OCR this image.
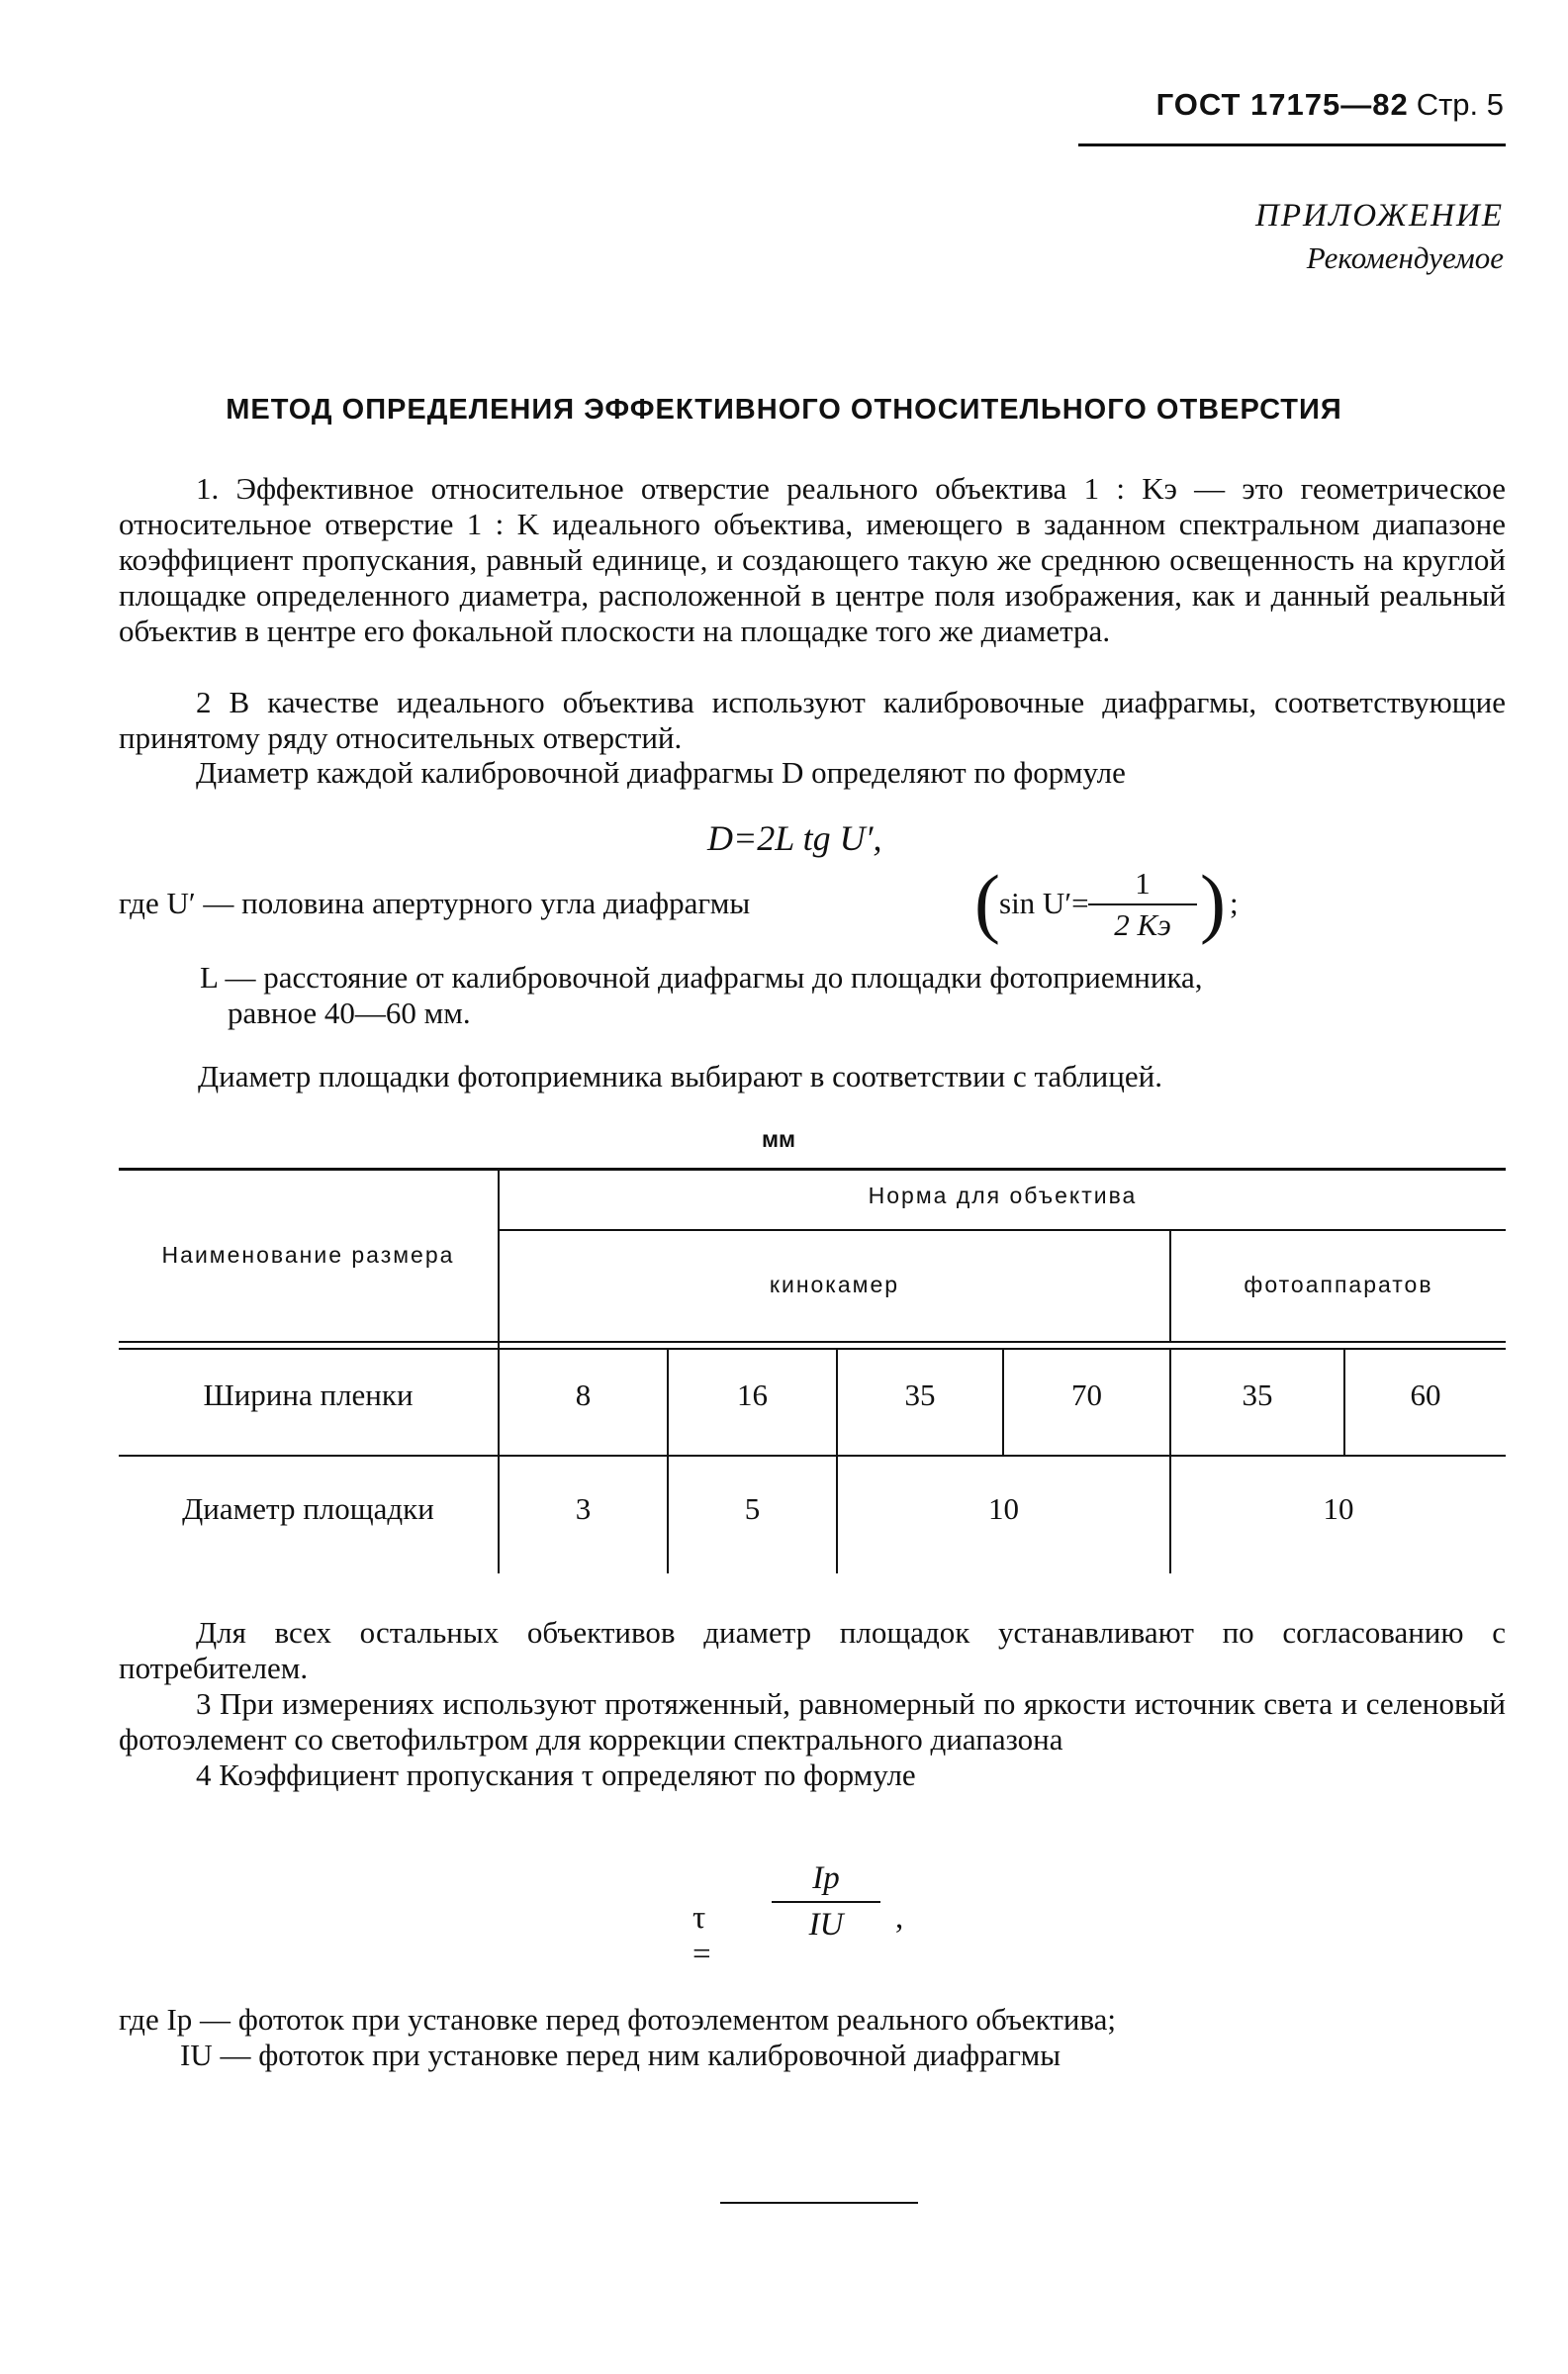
ГОСТ 17175—82 Стр. 5
ПРИЛОЖЕНИЕ
Рекомендуемое
МЕТОД ОПРЕДЕЛЕНИЯ ЭФФЕКТИВНОГО ОТНОСИТЕЛЬНОГО ОТВЕРСТИЯ

1. Эффективное относительное отверстие реального объектива 1 : Kэ — это геометрическое относительное отверстие 1 : K идеального объектива, имеющего в заданном спектральном диапазоне коэффициент пропускания, равный единице, и создающего такую же среднюю освещенность на круглой площадке определенного диаметра, расположенной в центре поля изображения, как и данный реальный объектив в центре его фокальной плоскости на площадке того же диаметра.

2 В качестве идеального объектива используют калибровочные диафрагмы, соответствующие принятому ряду относительных отверстий.

Диаметр каждой калибровочной диафрагмы D определяют по формуле

D=2L tg U′,
где U′ — половина апертурного угла диафрагмы	( sin U′=
1
2 Kэ ) ;
L — расстояние от калибровочной диафрагмы до площадки фотоприемника,
равное 40—60 мм.
Диаметр площадки фотоприемника выбирают в соответствии с таблицей.
мм
Наименование размера
Норма для объектива
кинокамер	фотоаппаратов
Ширина пленки	8	16	35	70	35	60
Диаметр площадки	3	5	10	10

Для всех остальных объективов диаметр площадок устанавливают по согласованию с потребителем.

3 При измерениях используют протяженный, равномерный по яркости источник света и селеновый фотоэлемент со светофильтром для коррекции спектрального диапазона

4 Коэффициент пропускания τ определяют по формуле

τ =
Iр
IU	,
где Iр — фототок при установке перед фотоэлементом реального объектива;
IU — фототок при установке перед ним калибровочной диафрагмы
